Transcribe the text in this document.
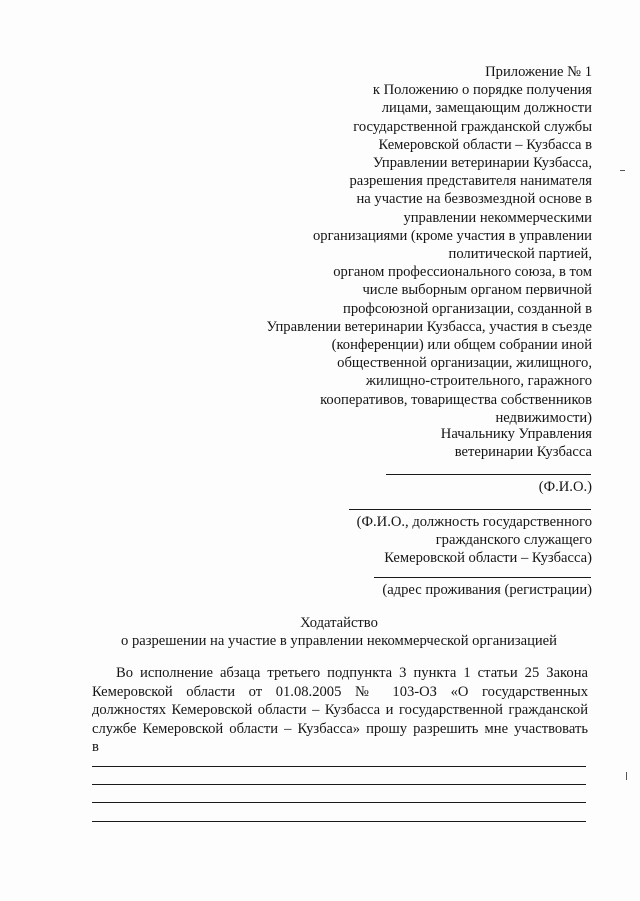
Приложение № 1
к Положению о порядке получения
лицами, замещающим должности
государственной гражданской службы
Кемеровской области – Кузбасса в
Управлении ветеринарии Кузбасса,
разрешения представителя нанимателя
на участие на безвозмездной основе в
управлении некоммерческими
организациями (кроме участия в управлении
политической партией,
органом профессионального союза, в том
числе выборным органом первичной
профсоюзной организации, созданной в
Управлении ветеринарии Кузбасса, участия в съезде
(конференции) или общем собрании иной
общественной организации, жилищного,
жилищно-строительного, гаражного
кооперативов, товарищества собственников
недвижимости)
Начальнику Управления
ветеринарии Кузбасса
(Ф.И.О.)
(Ф.И.О., должность государственного
гражданского служащего
Кемеровской области – Кузбасса)
(адрес проживания (регистрации)
Ходатайство
о разрешении на участие в управлении некоммерческой организацией
Во исполнение абзаца третьего подпункта 3 пункта 1 статьи 25 Закона
Кемеровской области от 01.08.2005 № 103-ОЗ «О государственных
должностях Кемеровской области – Кузбасса и государственной гражданской
службе Кемеровской области – Кузбасса» прошу разрешить мне участвовать
в
